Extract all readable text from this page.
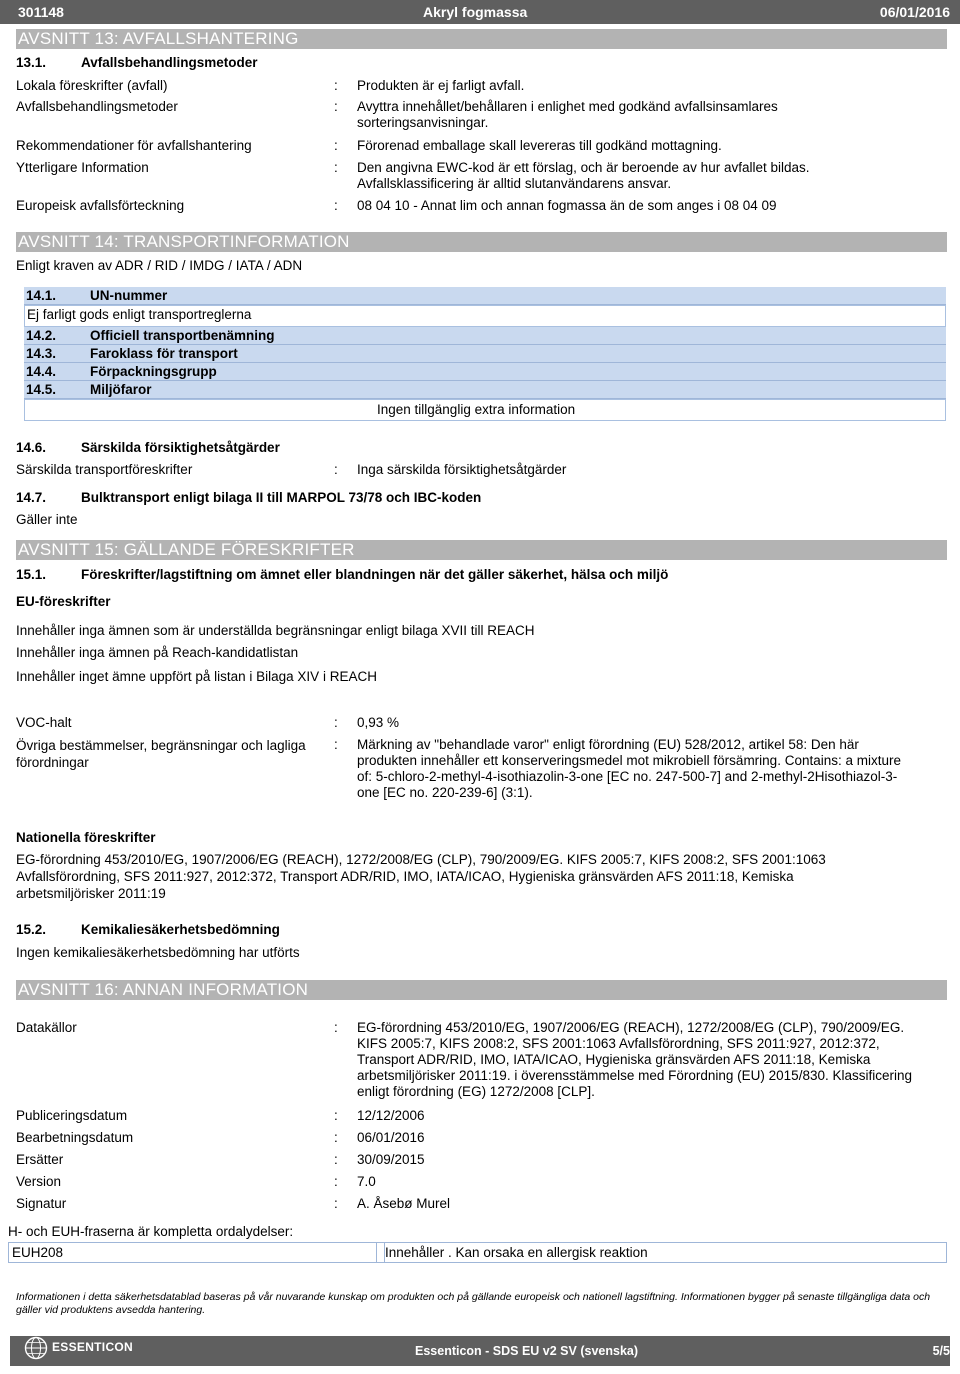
301148	Akryl fogmassa	06/01/2016
AVSNITT 13: AVFALLSHANTERING
13.1.	Avfallsbehandlingsmetoder
Lokala föreskrifter (avfall)	: Produkten är ej farligt avfall.
Avfallsbehandlingsmetoder	: Avyttra innehållet/behållaren i enlighet med godkänd avfallsinsamlares sorteringsanvisningar.
Rekommendationer för avfallshantering	: Förorenad emballage skall levereras till godkänd mottagning.
Ytterligare Information	: Den angivna EWC-kod är ett förslag, och är beroende av hur avfallet bildas. Avfallsklassificering är alltid slutanvändarens ansvar.
Europeisk avfallsförteckning	: 08 04 10 - Annat lim och annan fogmassa än de som anges i 08 04 09
AVSNITT 14: TRANSPORTINFORMATION
Enligt kraven av ADR / RID / IMDG / IATA / ADN
14.1.	UN-nummer
Ej farligt gods enligt transportreglerna
14.2.	Officiell transportbenämning
14.3.	Faroklass för transport
14.4.	Förpackningsgrupp
14.5.	Miljöfaror
Ingen tillgänglig extra information
14.6.	Särskilda försiktighetsåtgärder
Särskilda transportföreskrifter	: Inga särskilda försiktighetsåtgärder
14.7.	Bulktransport enligt bilaga II till MARPOL 73/78 och IBC-koden
Gäller inte
AVSNITT 15: GÄLLANDE FÖRESKRIFTER
15.1.	Föreskrifter/lagstiftning om ämnet eller blandningen när det gäller säkerhet, hälsa och miljö
EU-föreskrifter
Innehåller inga ämnen som är underställda begränsningar enligt bilaga XVII till REACH
Innehåller inga ämnen på Reach-kandidatlistan
Innehåller inget ämne uppfört på listan i Bilaga XIV i REACH
VOC-halt	: 0,93 %
Övriga bestämmelser, begränsningar och lagliga förordningar
: Märkning av "behandlade varor" enligt förordning (EU) 528/2012, artikel 58: Den här produkten innehåller ett konserveringsmedel mot mikrobiell försämring. Contains: a mixture of: 5-chloro-2-methyl-4-isothiazolin-3-one [EC no. 247-500-7] and 2-methyl-2Hisothiazol-3-one [EC no. 220-239-6] (3:1).
Nationella föreskrifter
EG-förordning 453/2010/EG, 1907/2006/EG (REACH), 1272/2008/EG (CLP), 790/2009/EG. KIFS 2005:7, KIFS 2008:2, SFS 2001:1063 Avfallsförordning, SFS 2011:927, 2012:372, Transport ADR/RID, IMO, IATA/ICAO, Hygieniska gränsvärden AFS 2011:18, Kemiska arbetsmiljörisker 2011:19
15.2.	Kemikaliesäkerhetsbedömning
Ingen kemikaliesäkerhetsbedömning har utförts
AVSNITT 16: ANNAN INFORMATION
Datakällor	: EG-förordning 453/2010/EG, 1907/2006/EG (REACH), 1272/2008/EG (CLP), 790/2009/EG. KIFS 2005:7, KIFS 2008:2, SFS 2001:1063 Avfallsförordning, SFS 2011:927, 2012:372, Transport ADR/RID, IMO, IATA/ICAO, Hygieniska gränsvärden AFS 2011:18, Kemiska arbetsmiljörisker 2011:19. i överensstämmelse med Förordning (EU) 2015/830. Klassificering enligt förordning (EG) 1272/2008 [CLP].
Publiceringsdatum	: 12/12/2006
Bearbetningsdatum	: 06/01/2016
Ersätter	: 30/09/2015
Version	: 7.0
Signatur	: A. Åsebø Murel
H- och EUH-fraserna är kompletta ordalydelser:
EUH208	Innehåller . Kan orsaka en allergisk reaktion
Informationen i detta säkerhetsdatablad baseras på vår nuvarande kunskap om produkten och på gällande europeisk och nationell lagstiftning. Informationen bygger på senaste tillgängliga data och gäller vid produktens avsedda hantering.
ESSENTICON	Essenticon - SDS EU v2 SV (svenska)	5/5
